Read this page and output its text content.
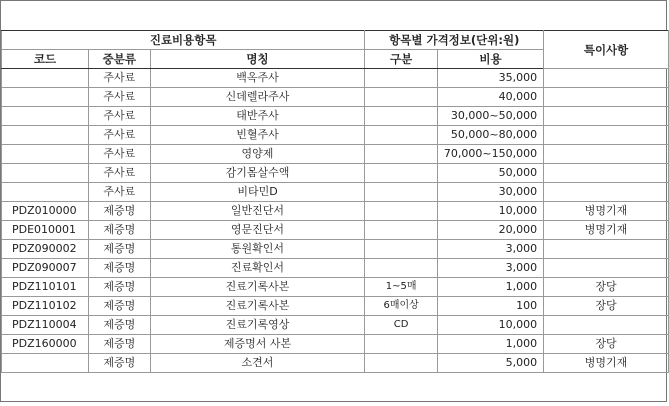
진료비용항목			항목별 가격정보(단위:원)		특이사항
코드	중분류	명칭	구분	비용	
	주사료	백옥주사		35,000	
	주사료	신데렐라주사		40,000	
	주사료	태반주사		30,000~50,000	
	주사료	빈혈주사		50,000~80,000	
	주사료	영양제		70,000~150,000	
	주사료	감기몸살수액		50,000	
	주사료	비타민D		30,000	
PDZ010000	제증명	일반진단서		10,000	병명기재
PDE010001	제증명	영문진단서		20,000	병명기재
PDZ090002	제증명	통원확인서		3,000	
PDZ090007	제증명	진료확인서		3,000	
PDZ110101	제증명	진료기록사본	1~5매	1,000	장당
PDZ110102	제증명	진료기록사본	6매이상	100	장당
PDZ110004	제증명	진료기록영상	CD	10,000	
PDZ160000	제증명	제증명서 사본		1,000	장당
	제증명	소견서		5,000	병명기재
